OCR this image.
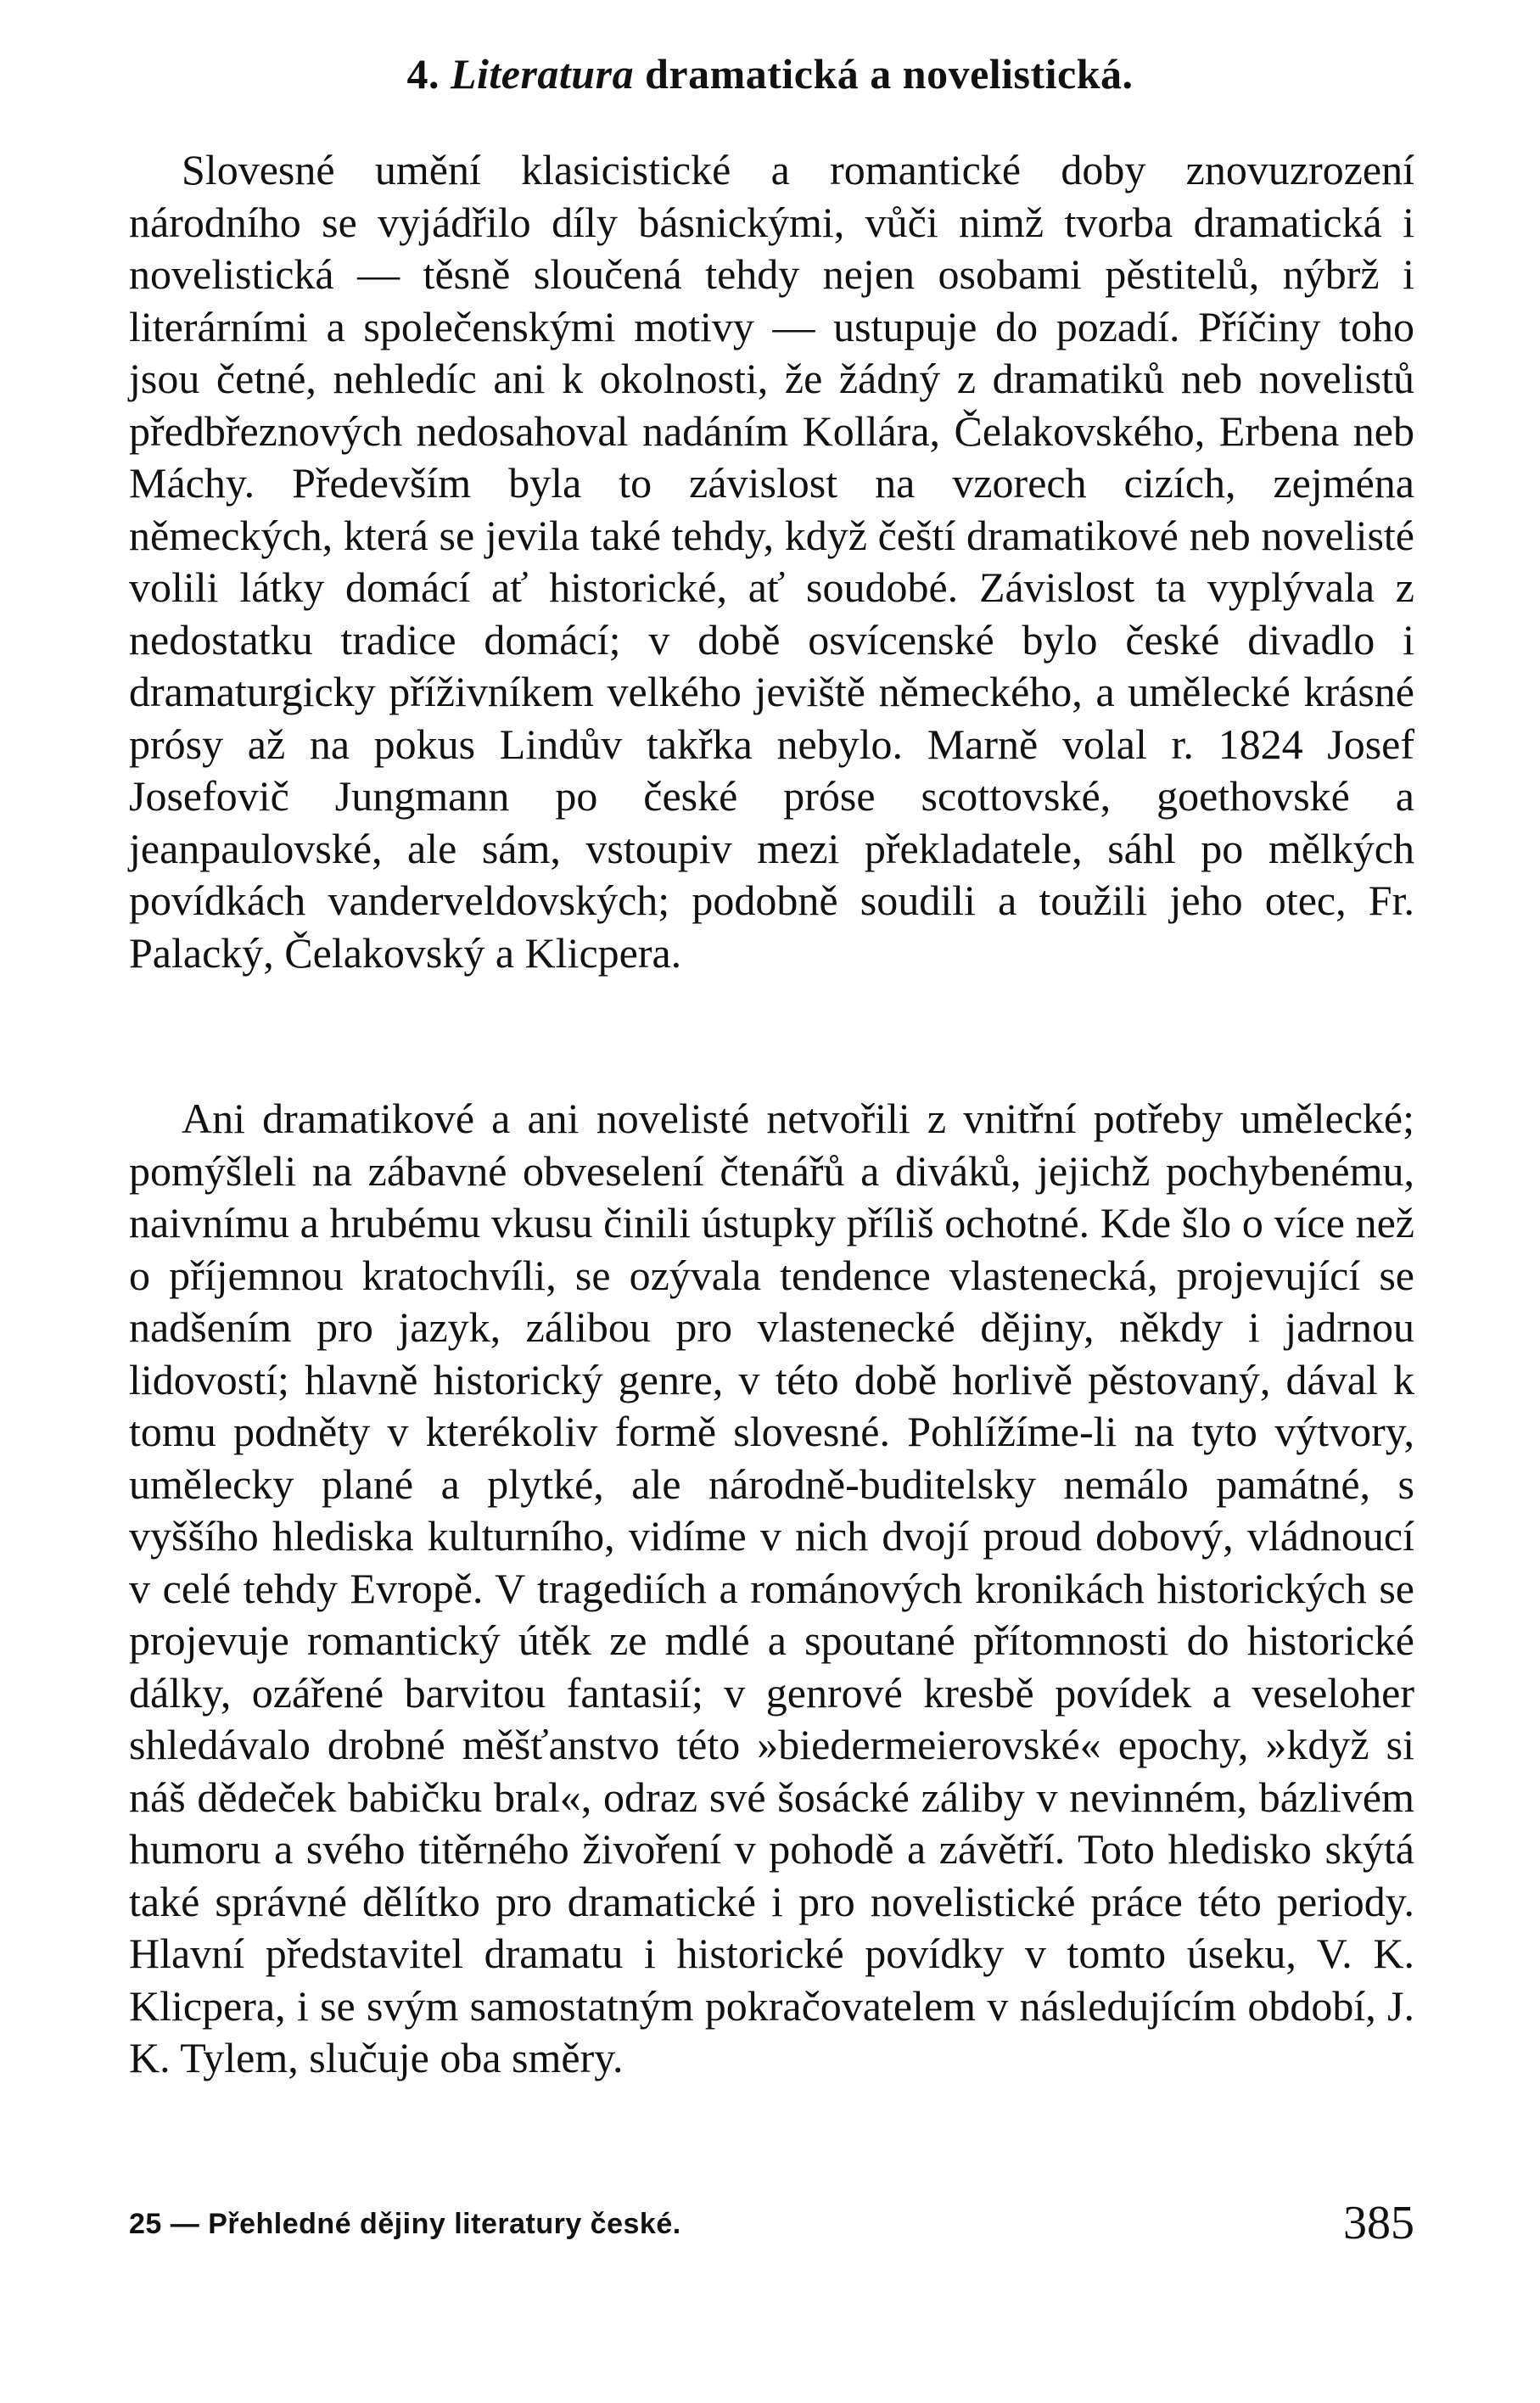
4. Literatura dramatická a novelistická.

Slovesné umění klasicistické a romantické doby znovuzrození národního se vyjádřilo díly básnickými, vůči nimž tvorba dramatická i novelistická — těsně sloučená tehdy nejen osobami pěstitelů, nýbrž i literárními a společenskými motivy — ustupuje do pozadí. Příčiny toho jsou četné, nehledíc ani k okolnosti, že žádný z dramatiků neb novelistů předbřeznových nedosahoval nadáním Kollára, Čelakovského, Erbena neb Máchy. Především byla to závislost na vzorech cizích, zejména německých, která se jevila také tehdy, když čeští dramatikové neb novelisté volili látky domácí ať historické, ať soudobé. Závislost ta vyplývala z nedostatku tradice domácí; v době osvícenské bylo české divadlo i dramaturgicky příživníkem velkého jeviště německého, a umělecké krásné prósy až na pokus Lindův takřka nebylo. Marně volal r. 1824 Josef Josefovič Jungmann po české próse scottovské, goethovské a jeanpaulovské, ale sám, vstoupiv mezi překladatele, sáhl po mělkých povídkách vanderveldovských; podobně soudili a toužili jeho otec, Fr. Palacký, Čelakovský a Klicpera.

Ani dramatikové a ani novelisté netvořili z vnitřní potřeby umělecké; pomýšleli na zábavné obveselení čtenářů a diváků, jejichž pochybenému, naivnímu a hrubému vkusu činili ústupky příliš ochotné. Kde šlo o více než o příjemnou kratochvíli, se ozývala tendence vlastenecká, projevující se nadšením pro jazyk, zálibou pro vlastenecké dějiny, někdy i jadrnou lidovostí; hlavně historický genre, v této době horlivě pěstovaný, dával k tomu podněty v kterékoliv formě slovesné. Pohlížíme-li na tyto výtvory, umělecky plané a plytké, ale národně-buditelsky nemálo památné, s vyššího hlediska kulturního, vidíme v nich dvojí proud dobový, vládnoucí v celé tehdy Evropě. V tragediích a románových kronikách historických se projevuje romantický útěk ze mdlé a spoutané přítomnosti do historické dálky, ozářené barvitou fantasií; v genrové kresbě povídek a veseloher shledávalo drobné měšťanstvo této »biedermeierovské« epochy, »když si náš dědeček babičku bral«, odraz své šosácké záliby v nevinném, bázlivém humoru a svého titěrného živoření v pohodě a závětří. Toto hledisko skýtá také správné dělítko pro dramatické i pro novelistické práce této periody. Hlavní představitel dramatu i historické povídky v tomto úseku, V. K. Klicpera, i se svým samostatným pokračovatelem v následujícím období, J. K. Tylem, slučuje oba směry.

25 — Přehledné dějiny literatury české.	385
